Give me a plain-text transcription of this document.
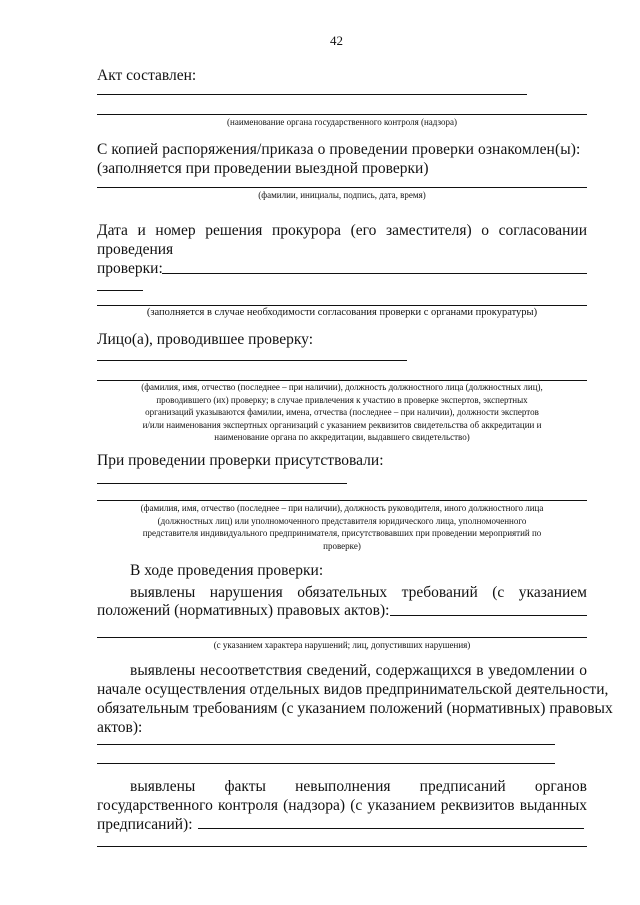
42
Акт составлен:
(наименование органа государственного контроля (надзора)
С копией распоряжения/приказа о проведении проверки ознакомлен(ы):
(заполняется при проведении выездной проверки)
(фамилии, инициалы, подпись, дата, время)
Дата и номер решения прокурора (его заместителя) о согласовании
проведения
проверки:
(заполняется в случае необходимости согласования проверки с органами прокуратуры)
Лицо(а), проводившее проверку:
(фамилия, имя, отчество (последнее – при наличии), должность должностного лица (должностных лиц),
проводившего (их) проверку; в случае привлечения к участию в проверке экспертов, экспертных
организаций указываются фамилии, имена, отчества (последнее – при наличии), должности экспертов
и/или наименования экспертных организаций с указанием реквизитов свидетельства об аккредитации и
наименование органа по аккредитации, выдавшего свидетельство)
При проведении проверки присутствовали:
(фамилия, имя, отчество (последнее – при наличии), должность руководителя, иного должностного лица
(должностных лиц) или уполномоченного представителя юридического лица, уполномоченного
представителя индивидуального предпринимателя, присутствовавших при проведении мероприятий по
проверке)
В ходе проведения проверки:
выявлены нарушения обязательных требований (с указанием
положений (нормативных) правовых актов):
(с указанием характера нарушений; лиц, допустивших нарушения)
выявлены несоответствия сведений, содержащихся в уведомлении о
начале осуществления отдельных видов предпринимательской деятельности,
обязательным требованиям (с указанием положений (нормативных) правовых
актов):
выявлены факты невыполнения предписаний органов
государственного контроля (надзора) (с указанием реквизитов выданных
предписаний):
